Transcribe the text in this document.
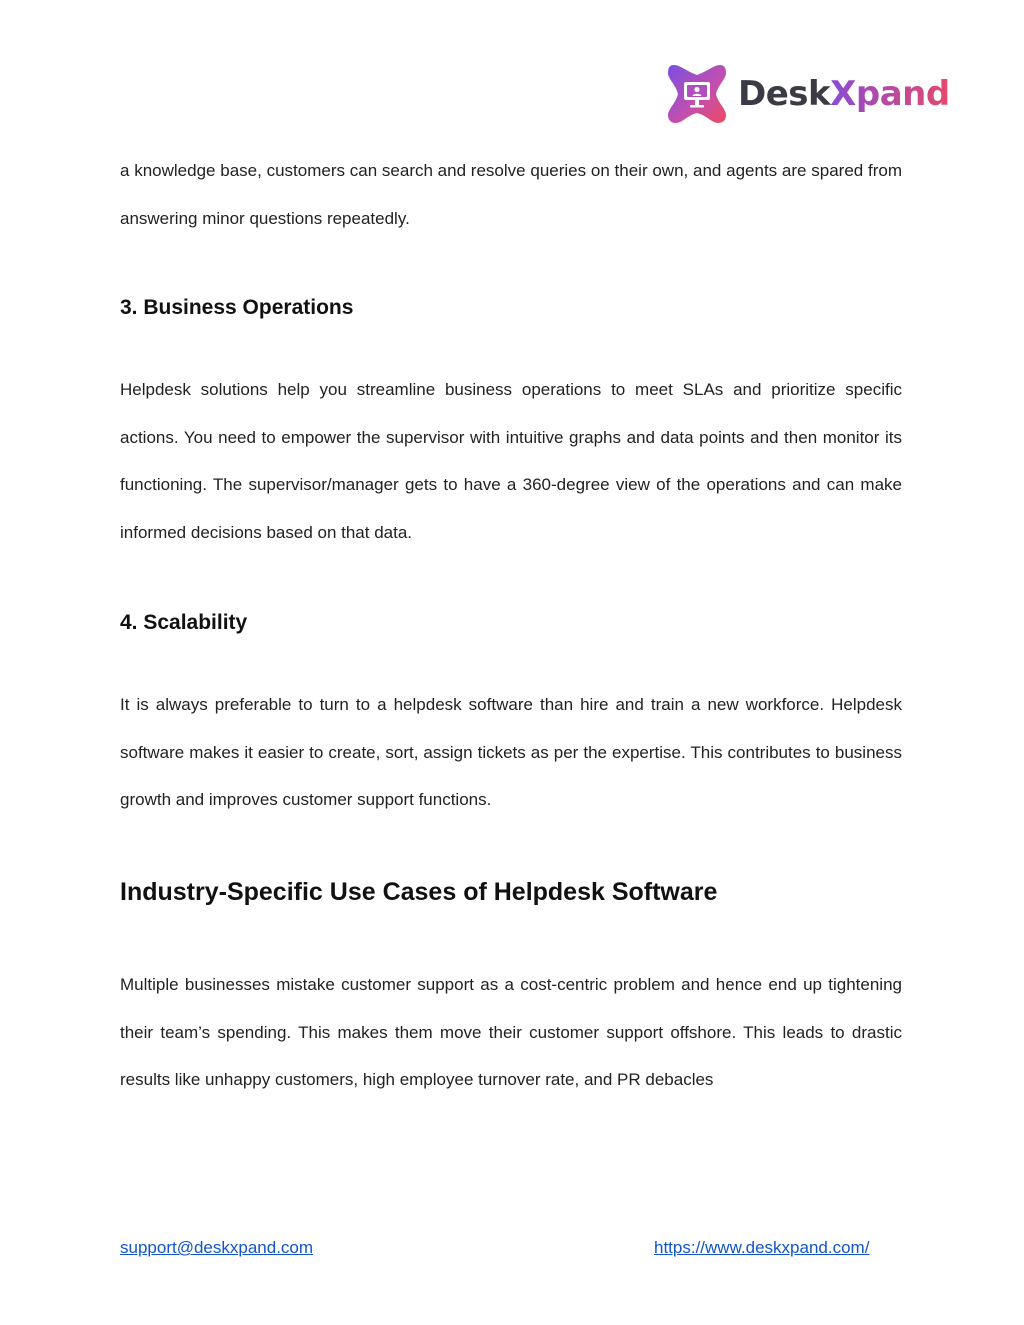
DeskXpand

a knowledge base, customers can search and resolve queries on their own, and agents are spared from answering minor questions repeatedly.

3. Business Operations

Helpdesk solutions help you streamline business operations to meet SLAs and prioritize specific actions. You need to empower the supervisor with intuitive graphs and data points and then monitor its functioning. The supervisor/manager gets to have a 360-degree view of the operations and can make informed decisions based on that data.

4. Scalability

It is always preferable to turn to a helpdesk software than hire and train a new workforce. Helpdesk software makes it easier to create, sort, assign tickets as per the expertise. This contributes to business growth and improves customer support functions.

Industry-Specific Use Cases of Helpdesk Software

Multiple businesses mistake customer support as a cost-centric problem and hence end up tightening their team’s spending. This makes them move their customer support offshore. This leads to drastic results like unhappy customers, high employee turnover rate, and PR debacles

support@deskxpand.com	https://www.deskxpand.com/
